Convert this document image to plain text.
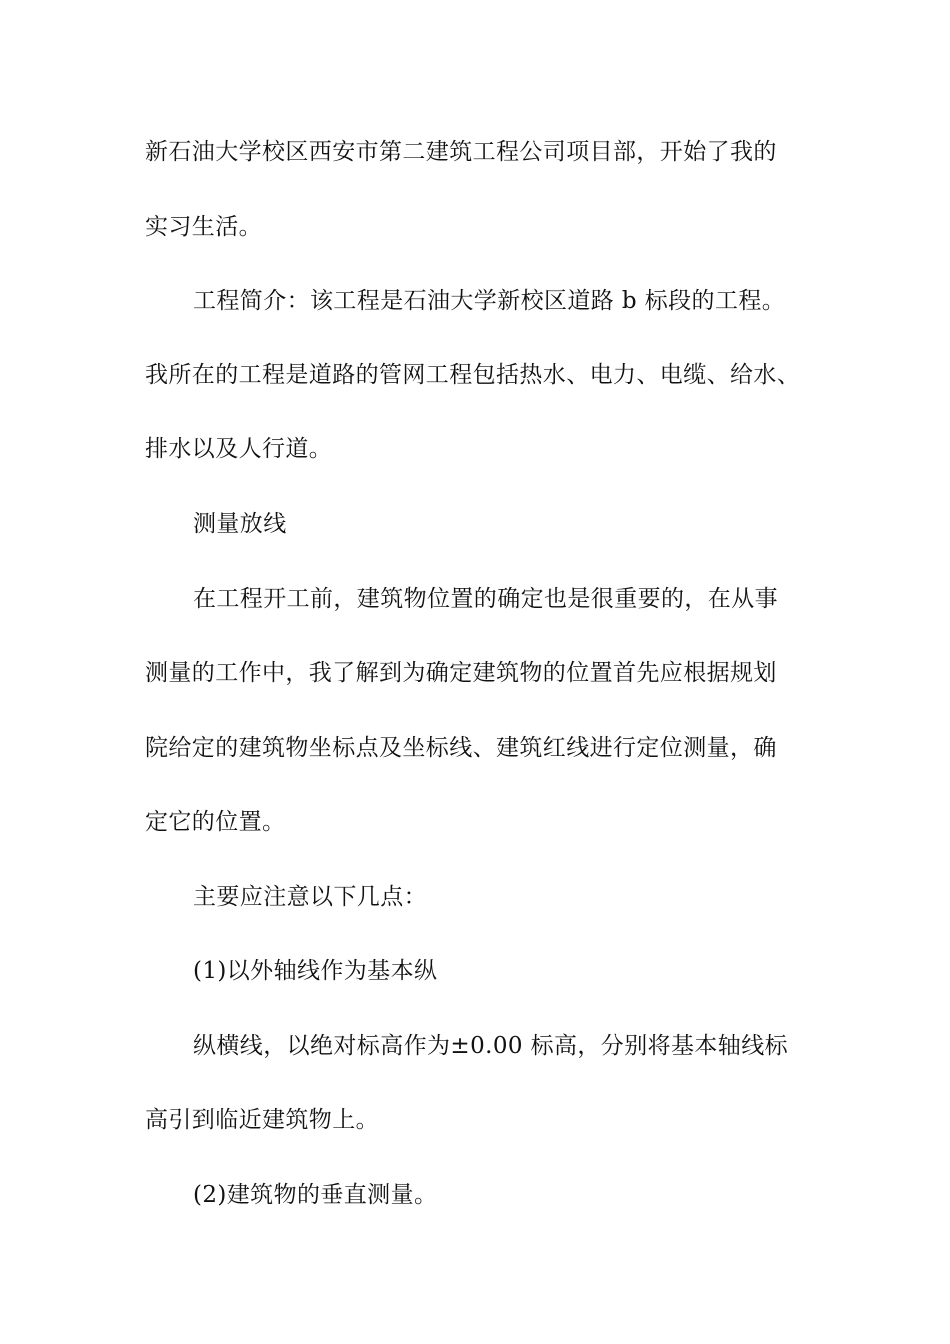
新石油大学校区西安市第二建筑工程公司项目部，开始了我的
实习生活。
工程简介：该工程是石油大学新校区道路 b 标段的工程。
我所在的工程是道路的管网工程包括热水、电力、电缆、给水、
排水以及人行道。
测量放线
在工程开工前，建筑物位置的确定也是很重要的，在从事
测量的工作中，我了解到为确定建筑物的位置首先应根据规划
院给定的建筑物坐标点及坐标线、建筑红线进行定位测量，确
定它的位置。
主要应注意以下几点：
(1)以外轴线作为基本纵
纵横线，以绝对标高作为±0.00 标高，分别将基本轴线标
高引到临近建筑物上。
(2)建筑物的垂直测量。
